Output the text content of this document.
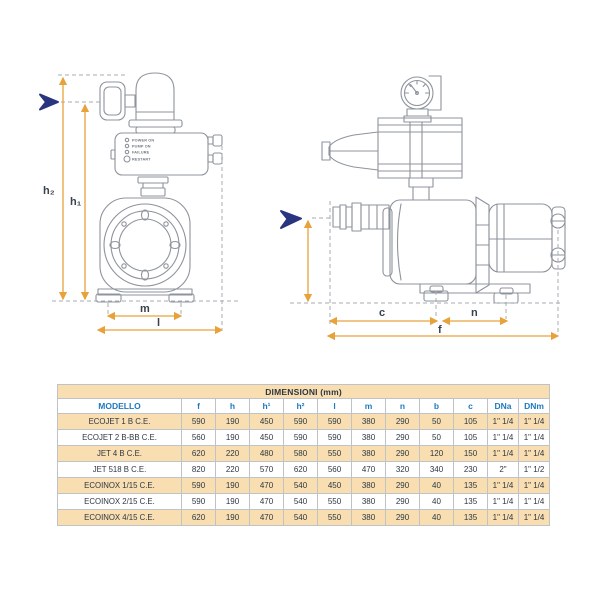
POWER ON
PUMP ON
FAILURE
RESTART
h₂
h₁
m
l
c	n
f
DIMENSIONI (mm)											
MODELLO	f	h	h¹	h²	l	m	n	b	c	DNa	DNm
ECOJET 1 B C.E.	590	190	450	590	590	380	290	50	105	1" 1/4	1" 1/4
ECOJET 2 B-BB C.E.	560	190	450	590	590	380	290	50	105	1" 1/4	1" 1/4
JET 4 B C.E.	620	220	480	580	550	380	290	120	150	1" 1/4	1" 1/4
JET 518 B C.E.	820	220	570	620	560	470	320	340	230	2"	1" 1/2
ECOINOX 1/15 C.E.	590	190	470	540	450	380	290	40	135	1" 1/4	1" 1/4
ECOINOX 2/15 C.E.	590	190	470	540	550	380	290	40	135	1" 1/4	1" 1/4
ECOINOX 4/15 C.E.	620	190	470	540	550	380	290	40	135	1" 1/4	1" 1/4
